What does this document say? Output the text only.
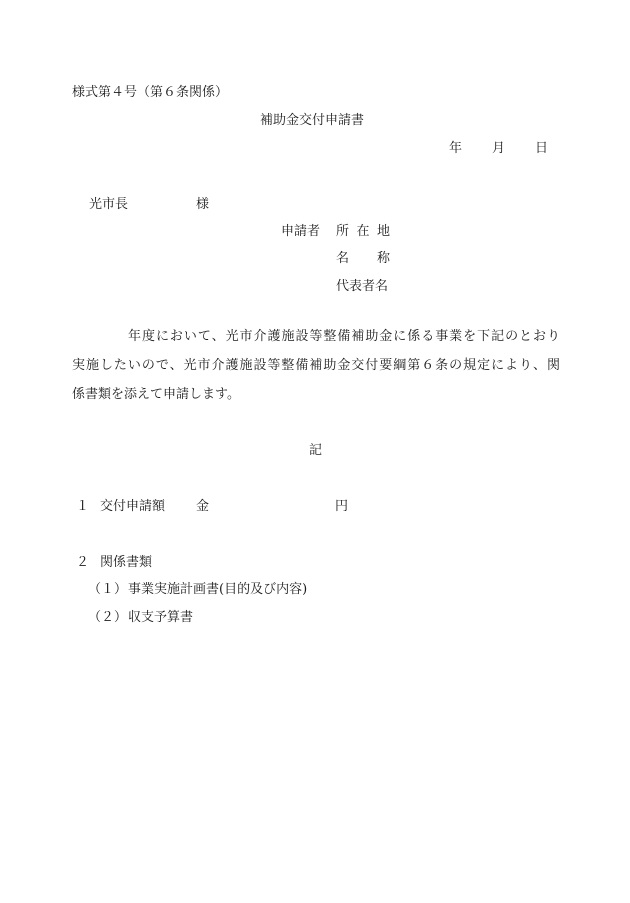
様式第４号（第６条関係）
補助金交付申請書
年 月 日
光市長	様
申請者 所在地
名称
代表者名
年度において、光市介護施設等整備補助金に係る事業を下記のとおり
実施したいので、光市介護施設等整備補助金交付要綱第６条の規定により、関
係書類を添えて申請します。
記
１ 交付申請額 金	円
２ 関係書類
（１） 事業実施計画書(目的及び内容)
（２） 収支予算書
